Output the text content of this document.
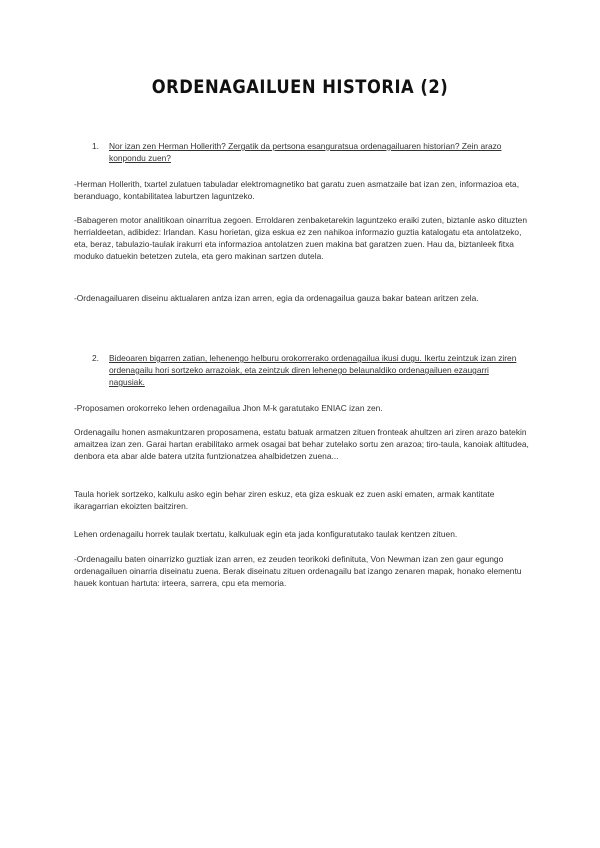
ORDENAGAILUEN HISTORIA (2)
1. Nor izan zen Herman Hollerith? Zergatik da pertsona esanguratsua ordenagailuaren historian? Zein arazo konpondu zuen?

-Herman Hollerith, txartel zulatuen tabuladar elektromagnetiko bat garatu zuen asmatzaile bat izan zen, informazioa eta, beranduago, kontabilitatea laburtzen laguntzeko.

-Babageren motor analitikoan oinarritua zegoen. Erroldaren zenbaketarekin laguntzeko eraiki zuten, biztanle asko dituzten herrialdeetan, adibidez: Irlandan. Kasu horietan, giza eskua ez zen nahikoa informazio guztia katalogatu eta antolatzeko, eta, beraz, tabulazio-taulak irakurri eta informazioa antolatzen zuen makina bat garatzen zuen. Hau da, biztanleek fitxa moduko datuekin betetzen zutela, eta gero makinan sartzen dutela.

-Ordenagailuaren diseinu aktualaren antza izan arren, egia da ordenagailua gauza bakar batean aritzen zela.

2. Bideoaren bigarren zatian, lehenengo helburu orokorrerako ordenagailua ikusi dugu. Ikertu zeintzuk izan ziren ordenagailu hori sortzeko arrazoiak, eta zeintzuk diren lehenego belaunaldiko ordenagailuen ezaugarri nagusiak.

-Proposamen orokorreko lehen ordenagailua Jhon M-k garatutako ENIAC izan zen.

Ordenagailu honen asmakuntzaren proposamena, estatu batuak armatzen zituen fronteak ahultzen ari ziren arazo batekin amaitzea izan zen. Garai hartan erabilitako armek osagai bat behar zutelako sortu zen arazoa; tiro-taula, kanoiak altitudea, denbora eta abar alde batera utzita funtzionatzea ahalbidetzen zuena...

Taula horiek sortzeko, kalkulu asko egin behar ziren eskuz, eta giza eskuak ez zuen aski ematen, armak kantitate ikaragarrian ekoizten baitziren.

Lehen ordenagailu horrek taulak txertatu, kalkuluak egin eta jada konfiguratutako taulak kentzen zituen.

-Ordenagailu baten oinarrizko guztiak izan arren, ez zeuden teorikoki definituta, Von Newman izan zen gaur egungo ordenagailuen oinarria diseinatu zuena. Berak diseinatu zituen ordenagailu bat izango zenaren mapak, honako elementu hauek kontuan hartuta: irteera, sarrera, cpu eta memoria.
